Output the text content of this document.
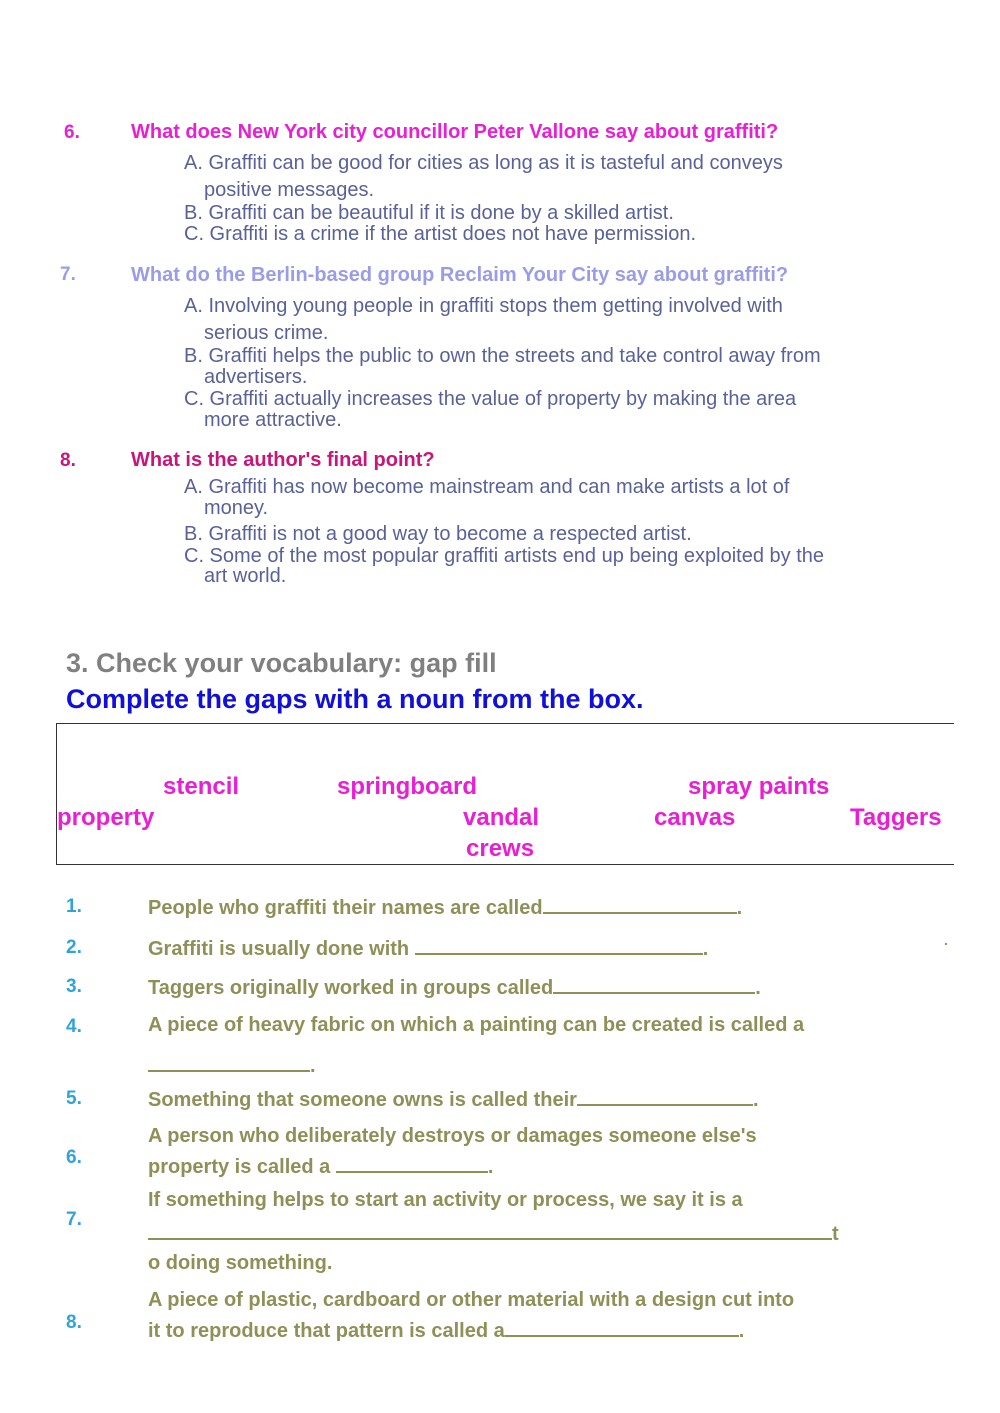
6.	What does New York city councillor Peter Vallone say about graffiti?
A. Graffiti can be good for cities as long as it is tasteful and conveys
positive messages.
B. Graffiti can be beautiful if it is done by a skilled artist.
C. Graffiti is a crime if the artist does not have permission.
7.	What do the Berlin-based group Reclaim Your City say about graffiti?
A. Involving young people in graffiti stops them getting involved with
serious crime.
B. Graffiti helps the public to own the streets and take control away from
advertisers.
C. Graffiti actually increases the value of property by making the area
more attractive.
8.	What is the author's final point?
A. Graffiti has now become mainstream and can make artists a lot of
money.
B. Graffiti is not a good way to become a respected artist.
C. Some of the most popular graffiti artists end up being exploited by the
art world.
3. Check your vocabulary: gap fill
Complete the gaps with a noun from the box.
stencil	springboard	spray paints
property	vandal	canvas	Taggers
crews
1.	People who graffiti their names are called	.
2.	Graffiti is usually done with	.	.
3.	Taggers originally worked in groups called	.
4.	A piece of heavy fabric on which a painting can be created is called a
.
5.	Something that someone owns is called their	.
6.
A person who deliberately destroys or damages someone else's
property is called a	.
7.
If something helps to start an activity or process, we say it is a
t
o doing something.
8.
A piece of plastic, cardboard or other material with a design cut into
it to reproduce that pattern is called a	.
